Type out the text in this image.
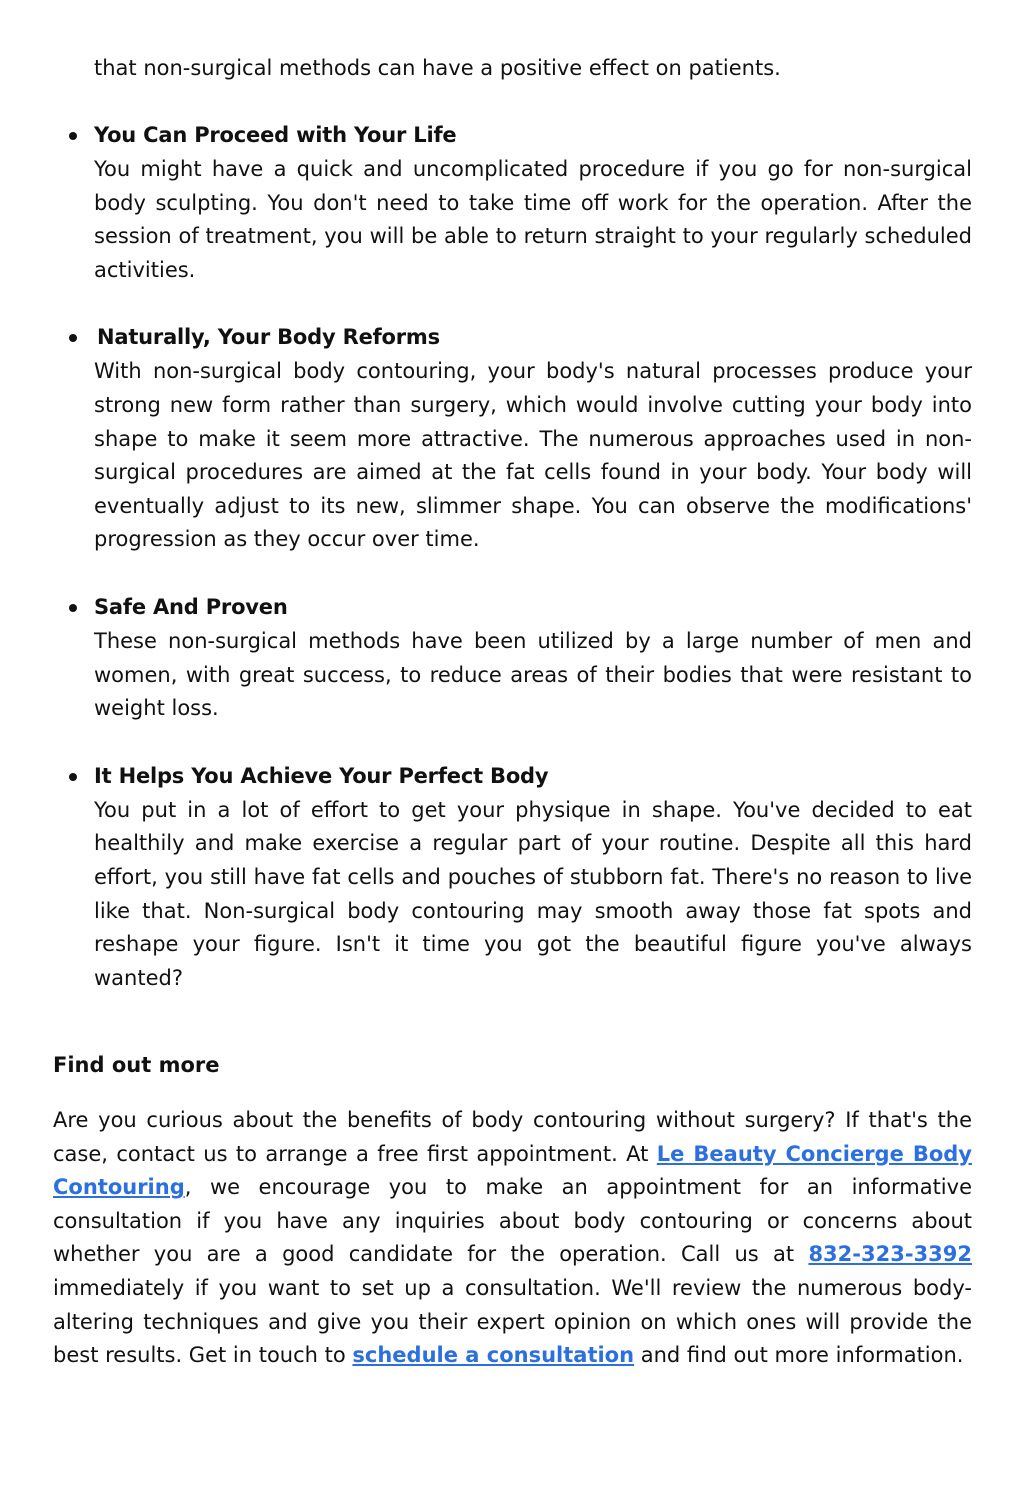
that non-surgical methods can have a positive effect on patients.

You Can Proceed with Your Life
You might have a quick and uncomplicated procedure if you go for non-surgical body sculpting. You don't need to take time off work for the operation. After the session of treatment, you will be able to return straight to your regularly scheduled activities.
Naturally, Your Body Reforms
With non-surgical body contouring, your body's natural processes produce your strong new form rather than surgery, which would involve cutting your body into shape to make it seem more attractive. The numerous approaches used in non-surgical procedures are aimed at the fat cells found in your body. Your body will eventually adjust to its new, slimmer shape. You can observe the modifications' progression as they occur over time.
Safe And Proven
These non-surgical methods have been utilized by a large number of men and women, with great success, to reduce areas of their bodies that were resistant to weight loss.
It Helps You Achieve Your Perfect Body
You put in a lot of effort to get your physique in shape. You've decided to eat healthily and make exercise a regular part of your routine. Despite all this hard effort, you still have fat cells and pouches of stubborn fat. There's no reason to live like that. Non-surgical body contouring may smooth away those fat spots and reshape your figure. Isn't it time you got the beautiful figure you've always wanted?
Find out more

Are you curious about the benefits of body contouring without surgery? If that's the case, contact us to arrange a free first appointment. At Le Beauty Concierge Body Contouring, we encourage you to make an appointment for an informative consultation if you have any inquiries about body contouring or concerns about whether you are a good candidate for the operation. Call us at 832-323-3392 immediately if you want to set up a consultation. We'll review the numerous body-altering techniques and give you their expert opinion on which ones will provide the best results. Get in touch to schedule a consultation and find out more information.
